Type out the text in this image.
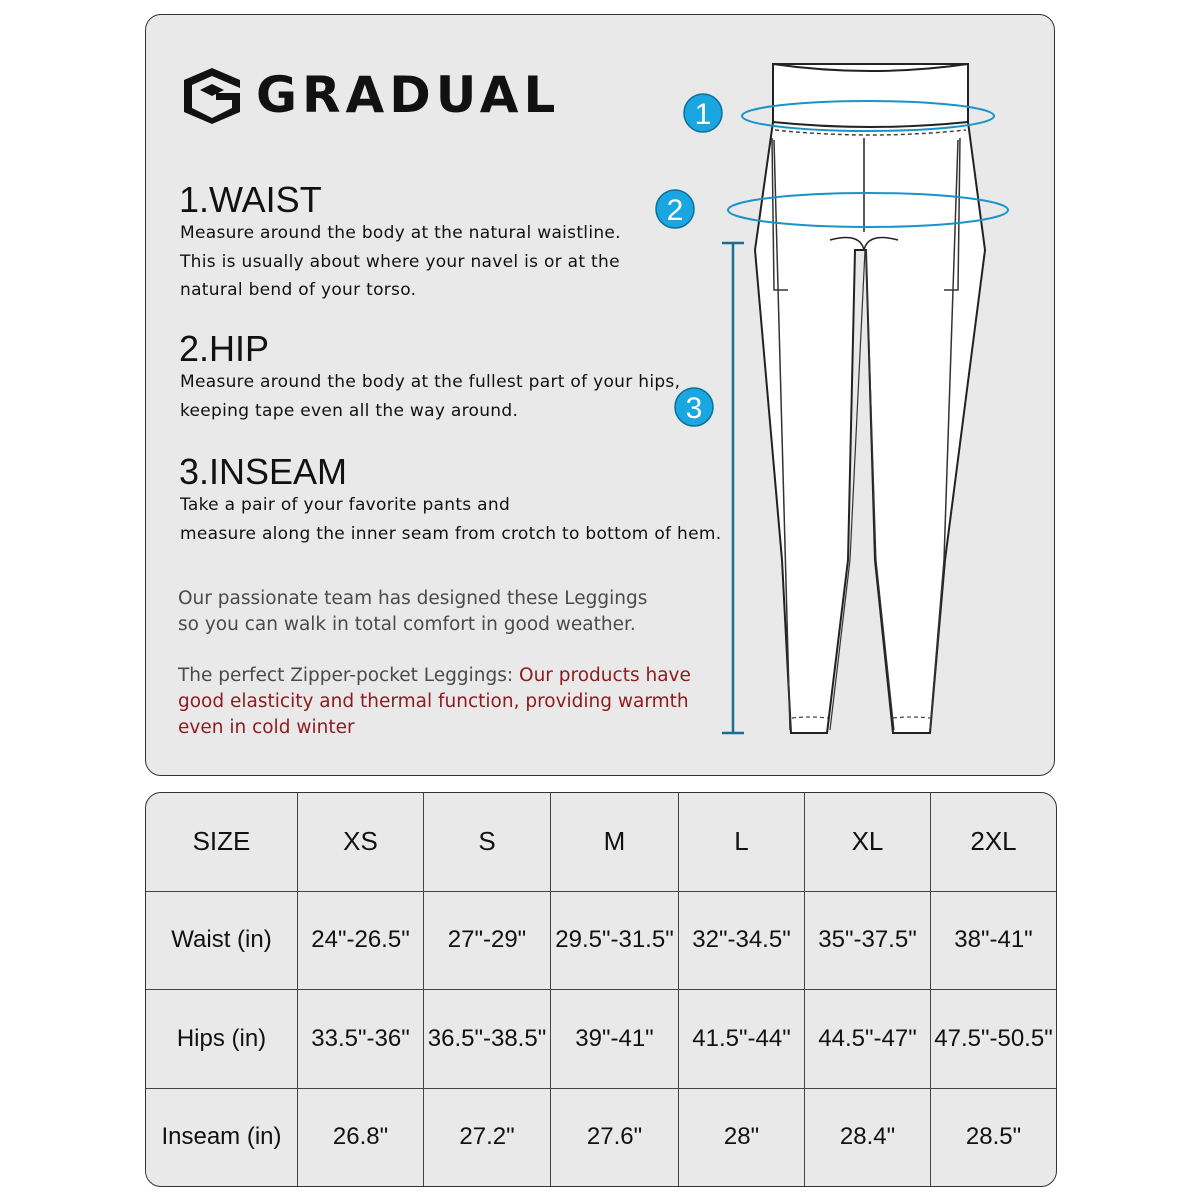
GRADUAL
1.WAIST

Measure around the body at the natural waistline.
This is usually about where your navel is or at the
natural bend of your torso.

2.HIP

Measure around the body at the fullest part of your hips,
keeping tape even all the way around.

3.INSEAM

Take a pair of your favorite pants and
measure along the inner seam from crotch to bottom of hem.

Our passionate team has designed these Leggings
so you can walk in total comfort in good weather.

The perfect Zipper-pocket Leggings: Our products have
good elasticity and thermal function, providing warmth
even in cold winter

1
2
3
SIZE	XS	S	M	L	XL	2XL
Waist (in)	24"-26.5"	27"-29"	29.5"-31.5"	32"-34.5"	35"-37.5"	38"-41"
Hips (in)	33.5"-36"	36.5"-38.5"	39"-41"	41.5"-44"	44.5"-47"	47.5"-50.5"
Inseam (in)	26.8"	27.2"	27.6"	28"	28.4"	28.5"
